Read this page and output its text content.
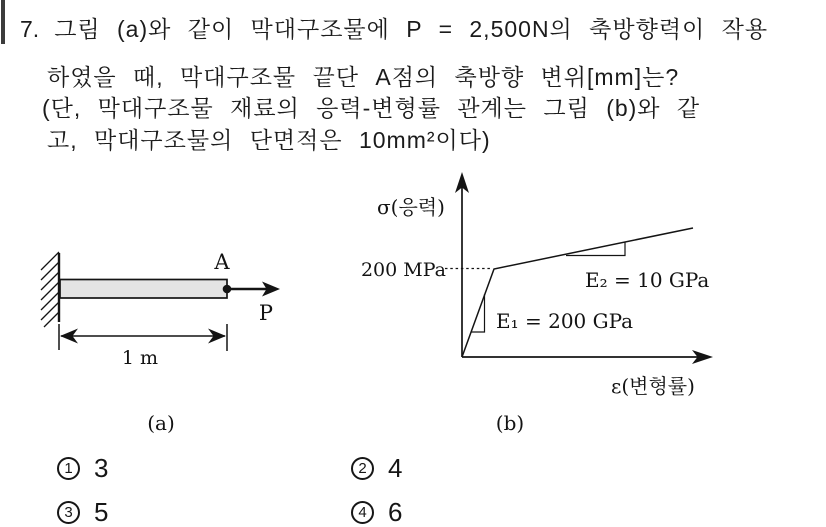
7. 그림 (a)와 같이 막대구조물에 P = 2,500N의 축방향력이 작용
하였을 때, 막대구조물 끝단 A점의 축방향 변위[mm]는?
(단, 막대구조물 재료의 응력-변형률 관계는 그림 (b)와 같
고, 막대구조물의 단면적은 10mm²이다)
A
P
1 m
(a)
σ(응력)
200 MPa
E₁ = 200 GPa
E₂ = 10 GPa
ε(변형률)
(b)
1 3	2 4
3 5	4 6
